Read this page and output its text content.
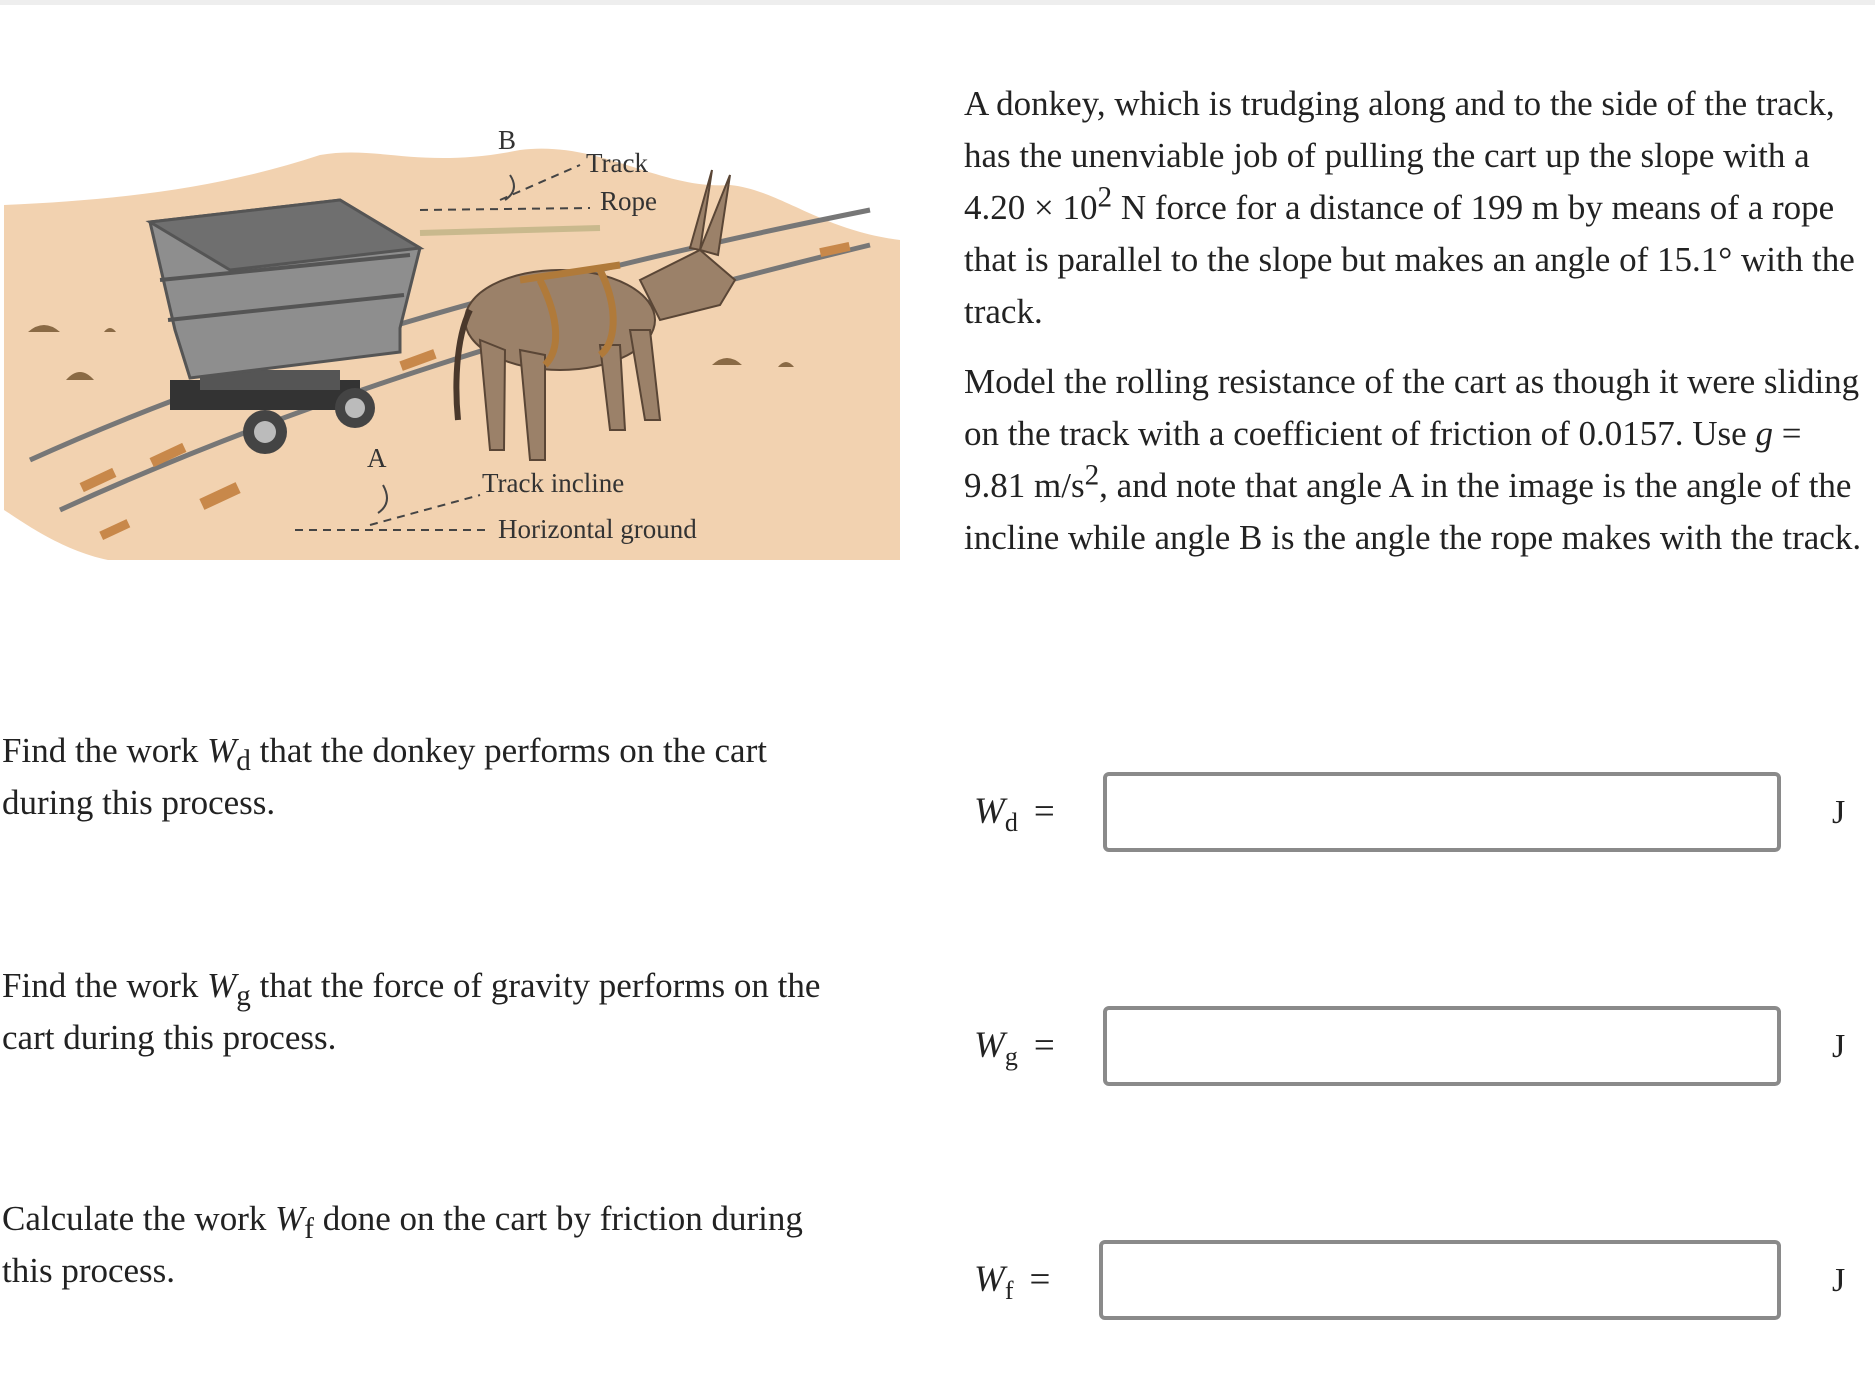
B
Track
Rope
A
Track incline
Horizontal ground

A donkey, which is trudging along and to the side of the track, has the unenviable job of pulling the cart up the slope with a $4.20 \times 10^2$ N force for a distance of 199 m by means of a rope that is parallel to the slope but makes an angle of 15.1° with the track.

Model the rolling resistance of the cart as though it were sliding on the track with a coefficient of friction of 0.0157. Use g = 9.81 $m/s^2$, and note that angle A in the image is the angle of the incline while angle B is the angle the rope makes with the track.

Find the work $W_d$ that the donkey performs on the cart during this process.	$W_d$ =	J

Find the work $W_g$ that the force of gravity performs on the cart during this process.	$W_g$ =	J

Calculate the work $W_f$ done on the cart by friction during this process.	$W_f$ =	J
